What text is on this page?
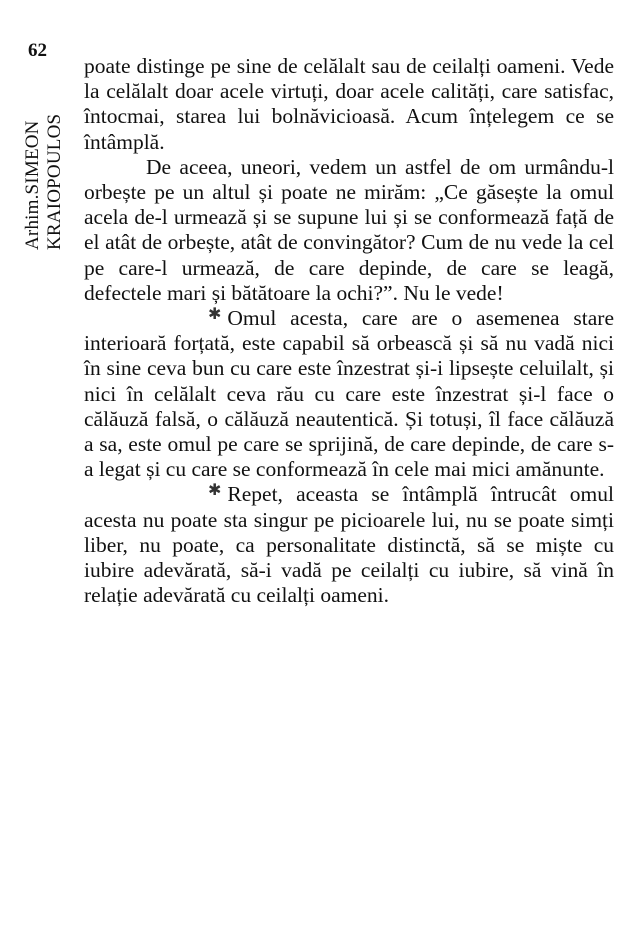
62
Arhim.SIMEON KRAIOPOULOS

poate distinge pe sine de celălalt sau de ceilalți oameni. Vede la celălalt doar acele virtuți, doar acele calități, care satisfac, întocmai, starea lui bolnăvicioasă. Acum înțelegem ce se întâmplă.

De aceea, uneori, vedem un astfel de om urmându-l orbește pe un altul și poate ne mirăm: „Ce găsește la omul acela de-l urmează și se supune lui și se conformează față de el atât de orbește, atât de convingător? Cum de nu vede la cel pe care-l urmează, de care depinde, de care se leagă, defectele mari și bătătoare la ochi?”. Nu le vede!

✱ Omul acesta, care are o asemenea stare interioară forțată, este capabil să orbească și să nu vadă nici în sine ceva bun cu care este înzestrat și-i lipsește celuilalt, și nici în celălalt ceva rău cu care este înzestrat și-l face o călăuză falsă, o călăuză neautentică. Și totuși, îl face călăuză a sa, este omul pe care se sprijină, de care depinde, de care s-a legat și cu care se conformează în cele mai mici amănunte.

✱ Repet, aceasta se întâmplă întrucât omul acesta nu poate sta singur pe picioarele lui, nu se poate simți liber, nu poate, ca personalitate distinctă, să se miște cu iubire adevărată, să-i vadă pe ceilalți cu iubire, să vină în relație adevărată cu ceilalți oameni.
